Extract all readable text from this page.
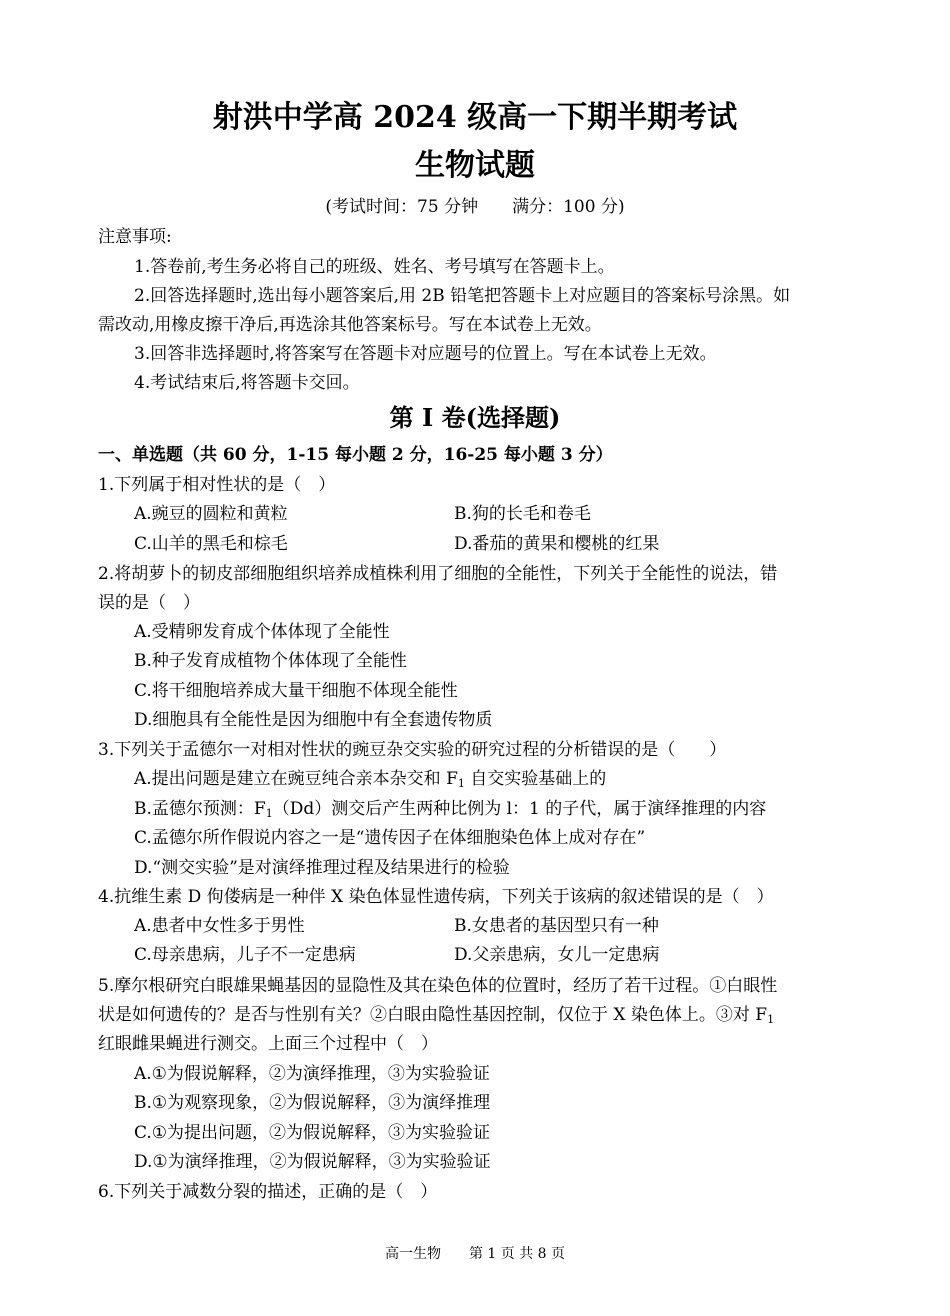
射洪中学高 2024 级高一下期半期考试
生物试题
(考试时间：75 分钟　　满分：100 分)
注意事项:
1.答卷前,考生务必将自己的班级、姓名、考号填写在答题卡上。
2.回答选择题时,选出每小题答案后,用 2B 铅笔把答题卡上对应题目的答案标号涂黑。如
需改动,用橡皮擦干净后,再选涂其他答案标号。写在本试卷上无效。
3.回答非选择题时,将答案写在答题卡对应题号的位置上。写在本试卷上无效。
4.考试结束后,将答题卡交回。
第 I 卷(选择题)
一、单选题（共 60 分，1-15 每小题 2 分，16-25 每小题 3 分）
1.下列属于相对性状的是（　）
A.豌豆的圆粒和黄粒	B.狗的长毛和卷毛
C.山羊的黑毛和棕毛	D.番茄的黄果和樱桃的红果
2.将胡萝卜的韧皮部细胞组织培养成植株利用了细胞的全能性，下列关于全能性的说法，错
误的是（　）
A.受精卵发育成个体体现了全能性
B.种子发育成植物个体体现了全能性
C.将干细胞培养成大量干细胞不体现全能性
D.细胞具有全能性是因为细胞中有全套遗传物质
3.下列关于孟德尔一对相对性状的豌豆杂交实验的研究过程的分析错误的是（　　）
A.提出问题是建立在豌豆纯合亲本杂交和 $F_1$ 自交实验基础上的
B.孟德尔预测：$F_1(Dd)$测交后产生两种比例为 l：1 的子代，属于演绎推理的内容
C.孟德尔所作假说内容之一是“遗传因子在体细胞染色体上成对存在”
D.“测交实验”是对演绎推理过程及结果进行的检验
4.抗维生素 D 佝偻病是一种伴 X 染色体显性遗传病，下列关于该病的叙述错误的是（　）
A.患者中女性多于男性	B.女患者的基因型只有一种
C.母亲患病，儿子不一定患病	D.父亲患病，女儿一定患病
5.摩尔根研究白眼雄果蝇基因的显隐性及其在染色体的位置时，经历了若干过程。①白眼性
状是如何遗传的？是否与性别有关？②白眼由隐性基因控制，仅位于 X 染色体上。③对 $F_1$
红眼雌果蝇进行测交。上面三个过程中（　）
A.①为假说解释，②为演绎推理，③为实验验证
B.①为观察现象，②为假说解释，③为演绎推理
C.①为提出问题，②为假说解释，③为实验验证
D.①为演绎推理，②为假说解释，③为实验验证
6.下列关于减数分裂的描述，正确的是（　）
高一生物　　第 1 页 共 8 页
